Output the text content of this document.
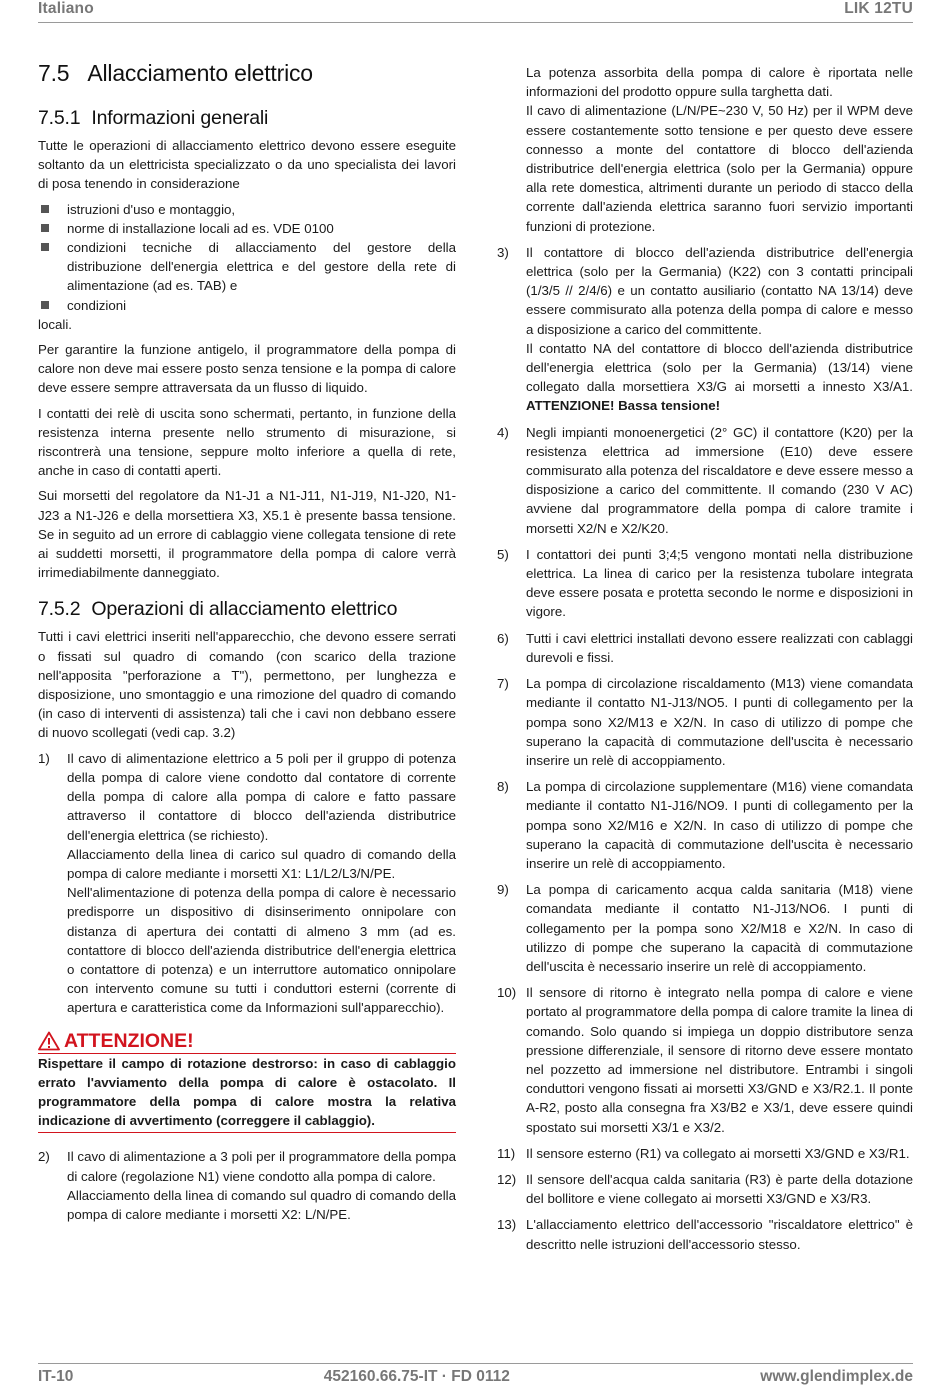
Italiano	LIK 12TU
7.5 Allacciamento elettrico
7.5.1 Informazioni generali

Tutte le operazioni di allacciamento elettrico devono essere eseguite soltanto da un elettricista specializzato o da uno specialista dei lavori di posa tenendo in considerazione

istruzioni d'uso e montaggio,
norme di installazione locali ad es. VDE 0100
condizioni tecniche di allacciamento del gestore della distribuzione dell'energia elettrica e del gestore della rete di alimentazione (ad es. TAB) e
condizioni

locali.

Per garantire la funzione antigelo, il programmatore della pompa di calore non deve mai essere posto senza tensione e la pompa di calore deve essere sempre attraversata da un flusso di liquido.

I contatti dei relè di uscita sono schermati, pertanto, in funzione della resistenza interna presente nello strumento di misurazione, si riscontrerà una tensione, seppure molto inferiore a quella di rete, anche in caso di contatti aperti.

Sui morsetti del regolatore da N1-J1 a N1-J11, N1-J19, N1-J20, N1-J23 a N1-J26 e della morsettiera X3, X5.1 è presente bassa tensione. Se in seguito ad un errore di cablaggio viene collegata tensione di rete ai suddetti morsetti, il programmatore della pompa di calore verrà irrimediabilmente danneggiato.

7.5.2 Operazioni di allacciamento elettrico

Tutti i cavi elettrici inseriti nell'apparecchio, che devono essere serrati o fissati sul quadro di comando (con scarico della trazione nell'apposita "perforazione a T"), permettono, per lunghezza e disposizione, uno smontaggio e una rimozione del quadro di comando (in caso di interventi di assistenza) tali che i cavi non debbano essere di nuovo scollegati (vedi cap. 3.2)

1) Il cavo di alimentazione elettrico a 5 poli per il gruppo di potenza della pompa di calore viene condotto dal contatore di corrente della pompa di calore alla pompa di calore e fatto passare attraverso il contattore di blocco dell'azienda distributrice dell'energia elettrica (se richiesto).

Allacciamento della linea di carico sul quadro di comando della pompa di calore mediante i morsetti X1: L1/L2/L3/N/PE.

Nell'alimentazione di potenza della pompa di calore è necessario predisporre un dispositivo di disinserimento onnipolare con distanza di apertura dei contatti di almeno 3 mm (ad es. contattore di blocco dell'azienda distributrice dell'energia elettrica o contattore di potenza) e un interruttore automatico onnipolare con intervento comune su tutti i conduttori esterni (corrente di apertura e caratteristica come da Informazioni sull'apparecchio).

ATTENZIONE!
Rispettare il campo di rotazione destrorso: in caso di cablaggio errato l'avviamento della pompa di calore è ostacolato. Il programmatore della pompa di calore mostra la relativa indicazione di avvertimento (correggere il cablaggio).
2) Il cavo di alimentazione a 3 poli per il programmatore della pompa di calore (regolazione N1) viene condotto alla pompa di calore.

Allacciamento della linea di comando sul quadro di comando della pompa di calore mediante i morsetti X2: L/N/PE.

La potenza assorbita della pompa di calore è riportata nelle informazioni del prodotto oppure sulla targhetta dati.

Il cavo di alimentazione (L/N/PE~230 V, 50 Hz) per il WPM deve essere costantemente sotto tensione e per questo deve essere connesso a monte del contattore di blocco dell'azienda distributrice dell'energia elettrica (solo per la Germania) oppure alla rete domestica, altrimenti durante un periodo di stacco della corrente dall'azienda elettrica saranno fuori servizio importanti funzioni di protezione.

3) Il contattore di blocco dell'azienda distributrice dell'energia elettrica (solo per la Germania) (K22) con 3 contatti principali (1/3/5 // 2/4/6) e un contatto ausiliario (contatto NA 13/14) deve essere commisurato alla potenza della pompa di calore e messo a disposizione a carico del committente.

Il contatto NA del contattore di blocco dell'azienda distributrice dell'energia elettrica (solo per la Germania) (13/14) viene collegato dalla morsettiera X3/G ai morsetti a innesto X3/A1. ATTENZIONE! Bassa tensione!

4) Negli impianti monoenergetici (2° GC) il contattore (K20) per la resistenza elettrica ad immersione (E10) deve essere commisurato alla potenza del riscaldatore e deve essere messo a disposizione a carico del committente. Il comando (230 V AC) avviene dal programmatore della pompa di calore tramite i morsetti X2/N e X2/K20.

5) I contattori dei punti 3;4;5 vengono montati nella distribuzione elettrica. La linea di carico per la resistenza tubolare integrata deve essere posata e protetta secondo le norme e disposizioni in vigore.

6) Tutti i cavi elettrici installati devono essere realizzati con cablaggi durevoli e fissi.

7) La pompa di circolazione riscaldamento (M13) viene comandata mediante il contatto N1-J13/NO5. I punti di collegamento per la pompa sono X2/M13 e X2/N. In caso di utilizzo di pompe che superano la capacità di commutazione dell'uscita è necessario inserire un relè di accoppiamento.

8) La pompa di circolazione supplementare (M16) viene comandata mediante il contatto N1-J16/NO9. I punti di collegamento per la pompa sono X2/M16 e X2/N. In caso di utilizzo di pompe che superano la capacità di commutazione dell'uscita è necessario inserire un relè di accoppiamento.

9) La pompa di caricamento acqua calda sanitaria (M18) viene comandata mediante il contatto N1-J13/NO6. I punti di collegamento per la pompa sono X2/M18 e X2/N. In caso di utilizzo di pompe che superano la capacità di commutazione dell'uscita è necessario inserire un relè di accoppiamento.

10) Il sensore di ritorno è integrato nella pompa di calore e viene portato al programmatore della pompa di calore tramite la linea di comando. Solo quando si impiega un doppio distributore senza pressione differenziale, il sensore di ritorno deve essere montato nel pozzetto ad immersione nel distributore. Entrambi i singoli conduttori vengono fissati ai morsetti X3/GND e X3/R2.1. Il ponte A-R2, posto alla consegna fra X3/B2 e X3/1, deve essere quindi spostato sui morsetti X3/1 e X3/2.

11) Il sensore esterno (R1) va collegato ai morsetti X3/GND e X3/R1.

12) Il sensore dell'acqua calda sanitaria (R3) è parte della dotazione del bollitore e viene collegato ai morsetti X3/GND e X3/R3.

13) L'allacciamento elettrico dell'accessorio "riscaldatore elettrico" è descritto nelle istruzioni dell'accessorio stesso.

IT-10	452160.66.75-IT · FD 0112	www.glendimplex.de
